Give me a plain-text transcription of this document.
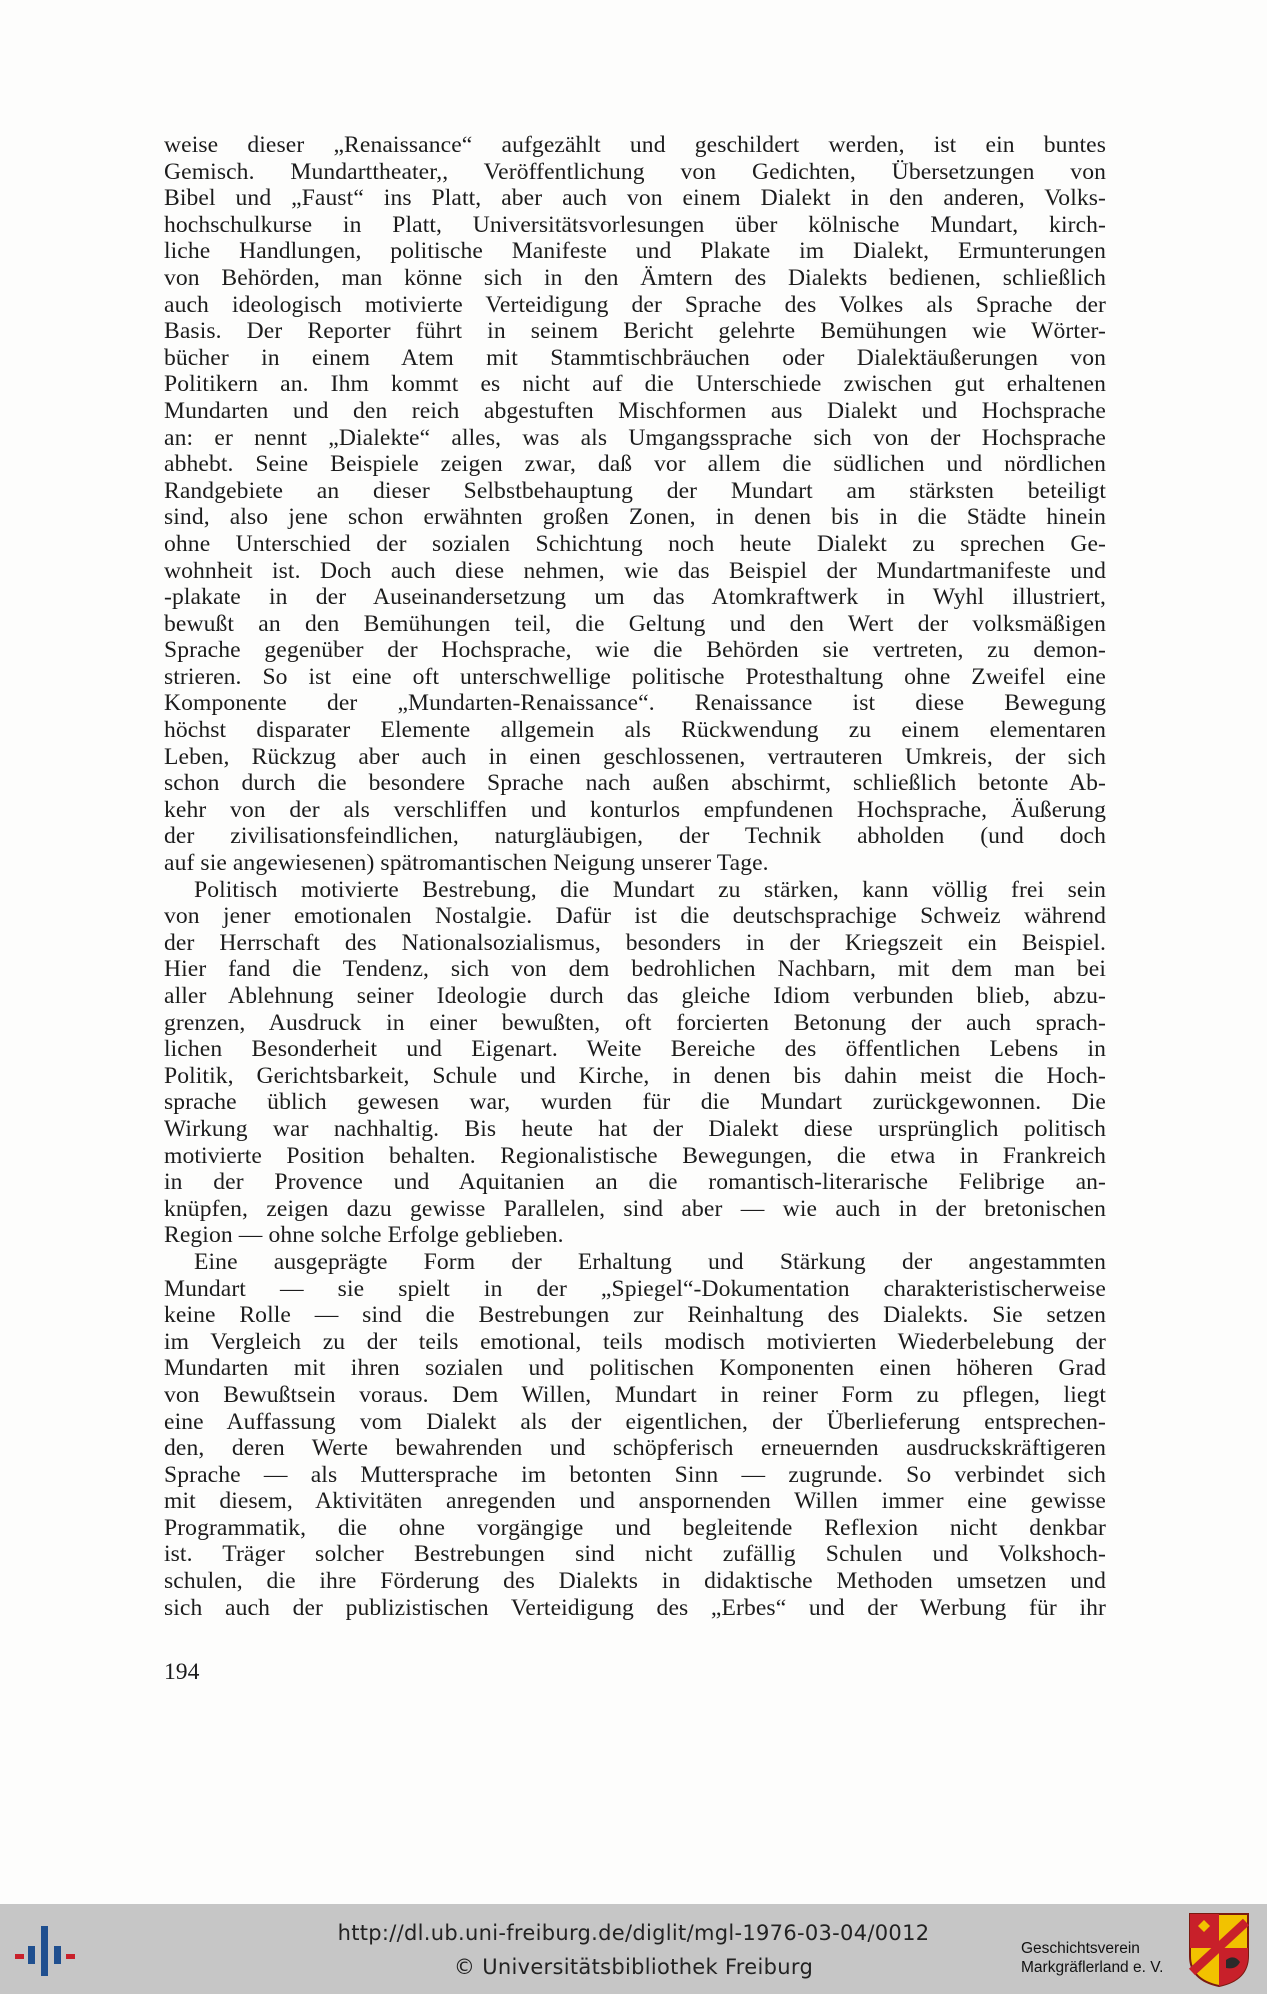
weise dieser „Renaissance“ aufgezählt und geschildert werden, ist ein buntes
Gemisch. Mundarttheater,, Veröffentlichung von Gedichten, Übersetzungen von
Bibel und „Faust“ ins Platt, aber auch von einem Dialekt in den anderen, Volks-
hochschulkurse in Platt, Universitätsvorlesungen über kölnische Mundart, kirch-
liche Handlungen, politische Manifeste und Plakate im Dialekt, Ermunterungen
von Behörden, man könne sich in den Ämtern des Dialekts bedienen, schließlich
auch ideologisch motivierte Verteidigung der Sprache des Volkes als Sprache der
Basis. Der Reporter führt in seinem Bericht gelehrte Bemühungen wie Wörter-
bücher in einem Atem mit Stammtischbräuchen oder Dialektäußerungen von
Politikern an. Ihm kommt es nicht auf die Unterschiede zwischen gut erhaltenen
Mundarten und den reich abgestuften Mischformen aus Dialekt und Hochsprache
an: er nennt „Dialekte“ alles, was als Umgangssprache sich von der Hochsprache
abhebt. Seine Beispiele zeigen zwar, daß vor allem die südlichen und nördlichen
Randgebiete an dieser Selbstbehauptung der Mundart am stärksten beteiligt
sind, also jene schon erwähnten großen Zonen, in denen bis in die Städte hinein
ohne Unterschied der sozialen Schichtung noch heute Dialekt zu sprechen Ge-
wohnheit ist. Doch auch diese nehmen, wie das Beispiel der Mundartmanifeste und
-plakate in der Auseinandersetzung um das Atomkraftwerk in Wyhl illustriert,
bewußt an den Bemühungen teil, die Geltung und den Wert der volksmäßigen
Sprache gegenüber der Hochsprache, wie die Behörden sie vertreten, zu demon-
strieren. So ist eine oft unterschwellige politische Protesthaltung ohne Zweifel eine
Komponente der „Mundarten-Renaissance“. Renaissance ist diese Bewegung
höchst disparater Elemente allgemein als Rückwendung zu einem elementaren
Leben, Rückzug aber auch in einen geschlossenen, vertrauteren Umkreis, der sich
schon durch die besondere Sprache nach außen abschirmt, schließlich betonte Ab-
kehr von der als verschliffen und konturlos empfundenen Hochsprache, Äußerung
der zivilisationsfeindlichen, naturgläubigen, der Technik abholden (und doch
auf sie angewiesenen) spätromantischen Neigung unserer Tage.
Politisch motivierte Bestrebung, die Mundart zu stärken, kann völlig frei sein
von jener emotionalen Nostalgie. Dafür ist die deutschsprachige Schweiz während
der Herrschaft des Nationalsozialismus, besonders in der Kriegszeit ein Beispiel.
Hier fand die Tendenz, sich von dem bedrohlichen Nachbarn, mit dem man bei
aller Ablehnung seiner Ideologie durch das gleiche Idiom verbunden blieb, abzu-
grenzen, Ausdruck in einer bewußten, oft forcierten Betonung der auch sprach-
lichen Besonderheit und Eigenart. Weite Bereiche des öffentlichen Lebens in
Politik, Gerichtsbarkeit, Schule und Kirche, in denen bis dahin meist die Hoch-
sprache üblich gewesen war, wurden für die Mundart zurückgewonnen. Die
Wirkung war nachhaltig. Bis heute hat der Dialekt diese ursprünglich politisch
motivierte Position behalten. Regionalistische Bewegungen, die etwa in Frankreich
in der Provence und Aquitanien an die romantisch-literarische Felibrige an-
knüpfen, zeigen dazu gewisse Parallelen, sind aber — wie auch in der bretonischen
Region — ohne solche Erfolge geblieben.
Eine ausgeprägte Form der Erhaltung und Stärkung der angestammten
Mundart — sie spielt in der „Spiegel“-Dokumentation charakteristischerweise
keine Rolle — sind die Bestrebungen zur Reinhaltung des Dialekts. Sie setzen
im Vergleich zu der teils emotional, teils modisch motivierten Wiederbelebung der
Mundarten mit ihren sozialen und politischen Komponenten einen höheren Grad
von Bewußtsein voraus. Dem Willen, Mundart in reiner Form zu pflegen, liegt
eine Auffassung vom Dialekt als der eigentlichen, der Überlieferung entsprechen-
den, deren Werte bewahrenden und schöpferisch erneuernden ausdruckskräftigeren
Sprache — als Muttersprache im betonten Sinn — zugrunde. So verbindet sich
mit diesem, Aktivitäten anregenden und anspornenden Willen immer eine gewisse
Programmatik, die ohne vorgängige und begleitende Reflexion nicht denkbar
ist. Träger solcher Bestrebungen sind nicht zufällig Schulen und Volkshoch-
schulen, die ihre Förderung des Dialekts in didaktische Methoden umsetzen und
sich auch der publizistischen Verteidigung des „Erbes“ und der Werbung für ihr
194
http://dl.ub.uni-freiburg.de/diglit/mgl-1976-03-04/0012
© Universitätsbibliothek Freiburg
Geschichtsverein
Markgräflerland e. V.
